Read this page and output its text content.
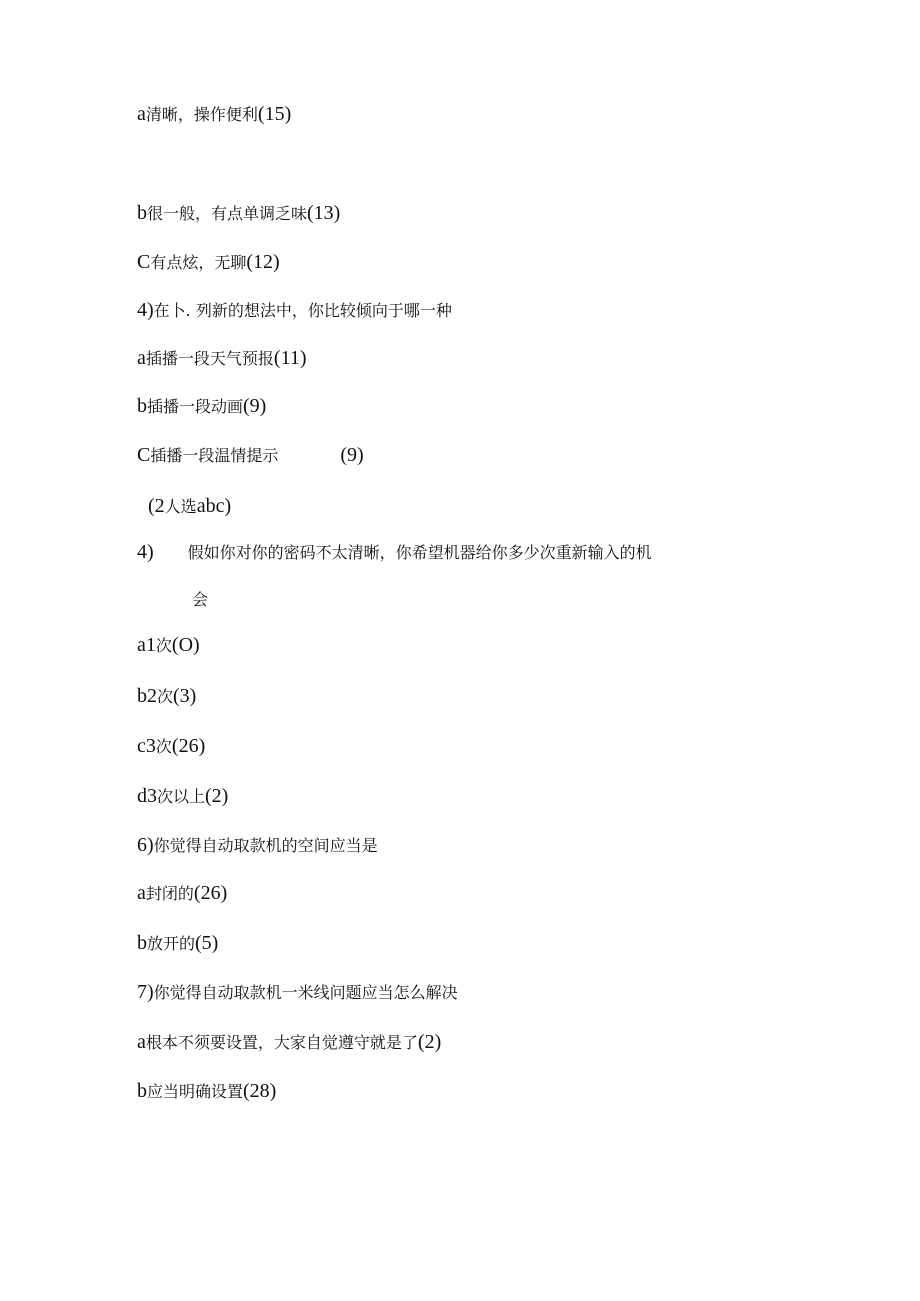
a清晰，操作便利(15)
b很一般，有点单调乏味(13)
C有点炫，无聊(12)
4)在卜. 列新的想法中，你比较倾向于哪一种
a插播一段天气预报(11)
b插播一段动画(9)
C插播一段温情提示	(9)
(2人选abc)
4) 假如你对你的密码不太清晰，你希望机器给你多少次重新输入的机
会
a1次(O)
b2次(3)
c3次(26)
d3次以上(2)
6)你觉得自动取款机的空间应当是
a封闭的(26)
b放开的(5)
7)你觉得自动取款机一米线问题应当怎么解决
a根本不须要设置，大家自觉遵守就是了(2)
b应当明确设置(28)
